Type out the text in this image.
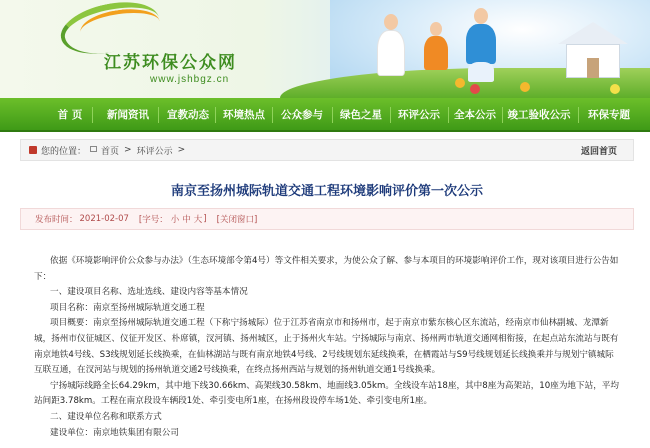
江苏环保公众网
www.jshbgz.cn
首 页	新闻资讯	宣教动态	环境热点	公众参与	绿色之星	环评公示	全本公示	竣工验收公示	环保专题
您的位置： 首页 > 环评公示 >	返回首页
南京至扬州城际轨道交通工程环境影响评价第一次公示
发布时间： 2021-02-07 [字号： 小 中 大 ] [关闭窗口]

依据《环境影响评价公众参与办法》（生态环境部令第4号）等文件相关要求，为使公众了解、参与本项目的环境影响评价工作，现对该项目进行公告如下：

一、建设项目名称、选址选线、建设内容等基本情况

项目名称：南京至扬州城际轨道交通工程

项目概要：南京至扬州城际轨道交通工程（下称宁扬城际）位于江苏省南京市和扬州市，起于南京市紫东核心区东流站，经南京市仙林副城、龙潭新城，扬州市仪征城区、仪征开发区、朴席镇，汊河镇、扬州城区，止于扬州火车站。宁扬城际与南京、扬州两市轨道交通网相衔接，在起点站东流站与既有南京地铁4号线、S3线规划延长线换乘，在仙林湖站与既有南京地铁4号线、2号线规划东延线换乘，在栖霞站与S9号线规划延长线换乘并与规划宁镇城际互联互通，在汊河站与规划的扬州轨道交通2号线换乘，在终点扬州西站与规划的扬州轨道交通1号线换乘。

宁扬城际线路全长64.29km，其中地下线30.66km、高架线30.58km、地面线3.05km。全线设车站18座，其中8座为高架站，10座为地下站，平均站间距3.78km。工程在南京段设车辆段1处、牵引变电所1座，在扬州段设停车场1处、牵引变电所1座。

二、建设单位名称和联系方式

建设单位：南京地铁集团有限公司
